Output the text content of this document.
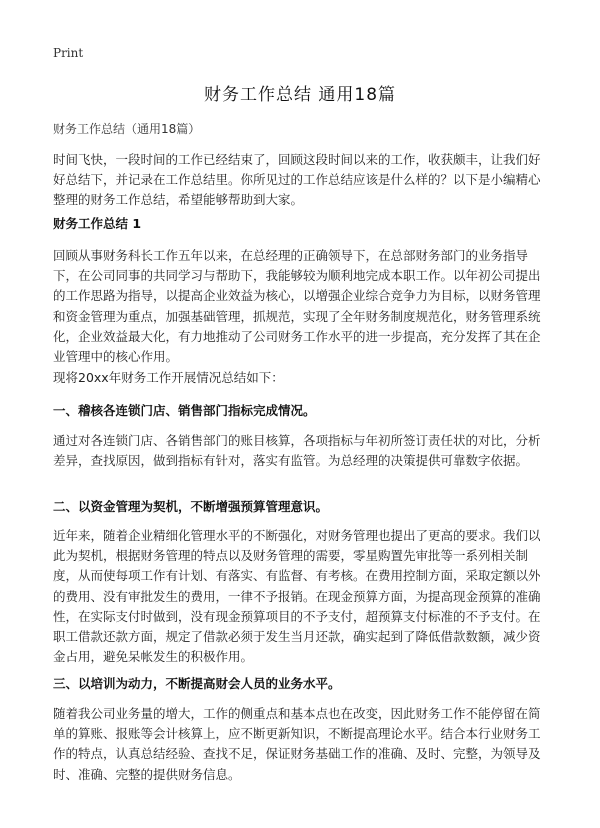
Print
财务工作总结 通用18篇
财务工作总结（通用18篇）

时间飞快，一段时间的工作已经结束了，回顾这段时间以来的工作，收获颇丰，让我们好好总结下，并记录在工作总结里。你所见过的工作总结应该是什么样的？以下是小编精心整理的财务工作总结，希望能够帮助到大家。

财务工作总结 1

回顾从事财务科长工作五年以来，在总经理的正确领导下，在总部财务部门的业务指导下，在公司同事的共同学习与帮助下，我能够较为顺利地完成本职工作。以年初公司提出的工作思路为指导，以提高企业效益为核心，以增强企业综合竞争力为目标，以财务管理和资金管理为重点，加强基础管理，抓规范，实现了全年财务制度规范化，财务管理系统化，企业效益最大化，有力地推动了公司财务工作水平的进一步提高，充分发挥了其在企业管理中的核心作用。

现将20xx年财务工作开展情况总结如下：

一、稽核各连锁门店、销售部门指标完成情况。

通过对各连锁门店、各销售部门的账目核算，各项指标与年初所签订责任状的对比，分析差异，查找原因，做到指标有针对，落实有监管。为总经理的决策提供可靠数字依据。

二、以资金管理为契机，不断增强预算管理意识。

近年来，随着企业精细化管理水平的不断强化，对财务管理也提出了更高的要求。我们以此为契机，根据财务管理的特点以及财务管理的需要，零星购置先审批等一系列相关制度，从而使每项工作有计划、有落实、有监督、有考核。在费用控制方面，采取定额以外的费用、没有审批发生的费用，一律不予报销。在现金预算方面，为提高现金预算的准确性，在实际支付时做到，没有现金预算项目的不予支付，超预算支付标准的不予支付。在职工借款还款方面，规定了借款必须于发生当月还款，确实起到了降低借款数额，减少资金占用，避免呆帐发生的积极作用。

三、以培训为动力，不断提高财会人员的业务水平。

随着我公司业务量的增大，工作的侧重点和基本点也在改变，因此财务工作不能停留在简单的算账、报账等会计核算上，应不断更新知识，不断提高理论水平。结合本行业财务工作的特点，认真总结经验、查找不足，保证财务基础工作的准确、及时、完整，为领导及时、准确、完整的提供财务信息。
